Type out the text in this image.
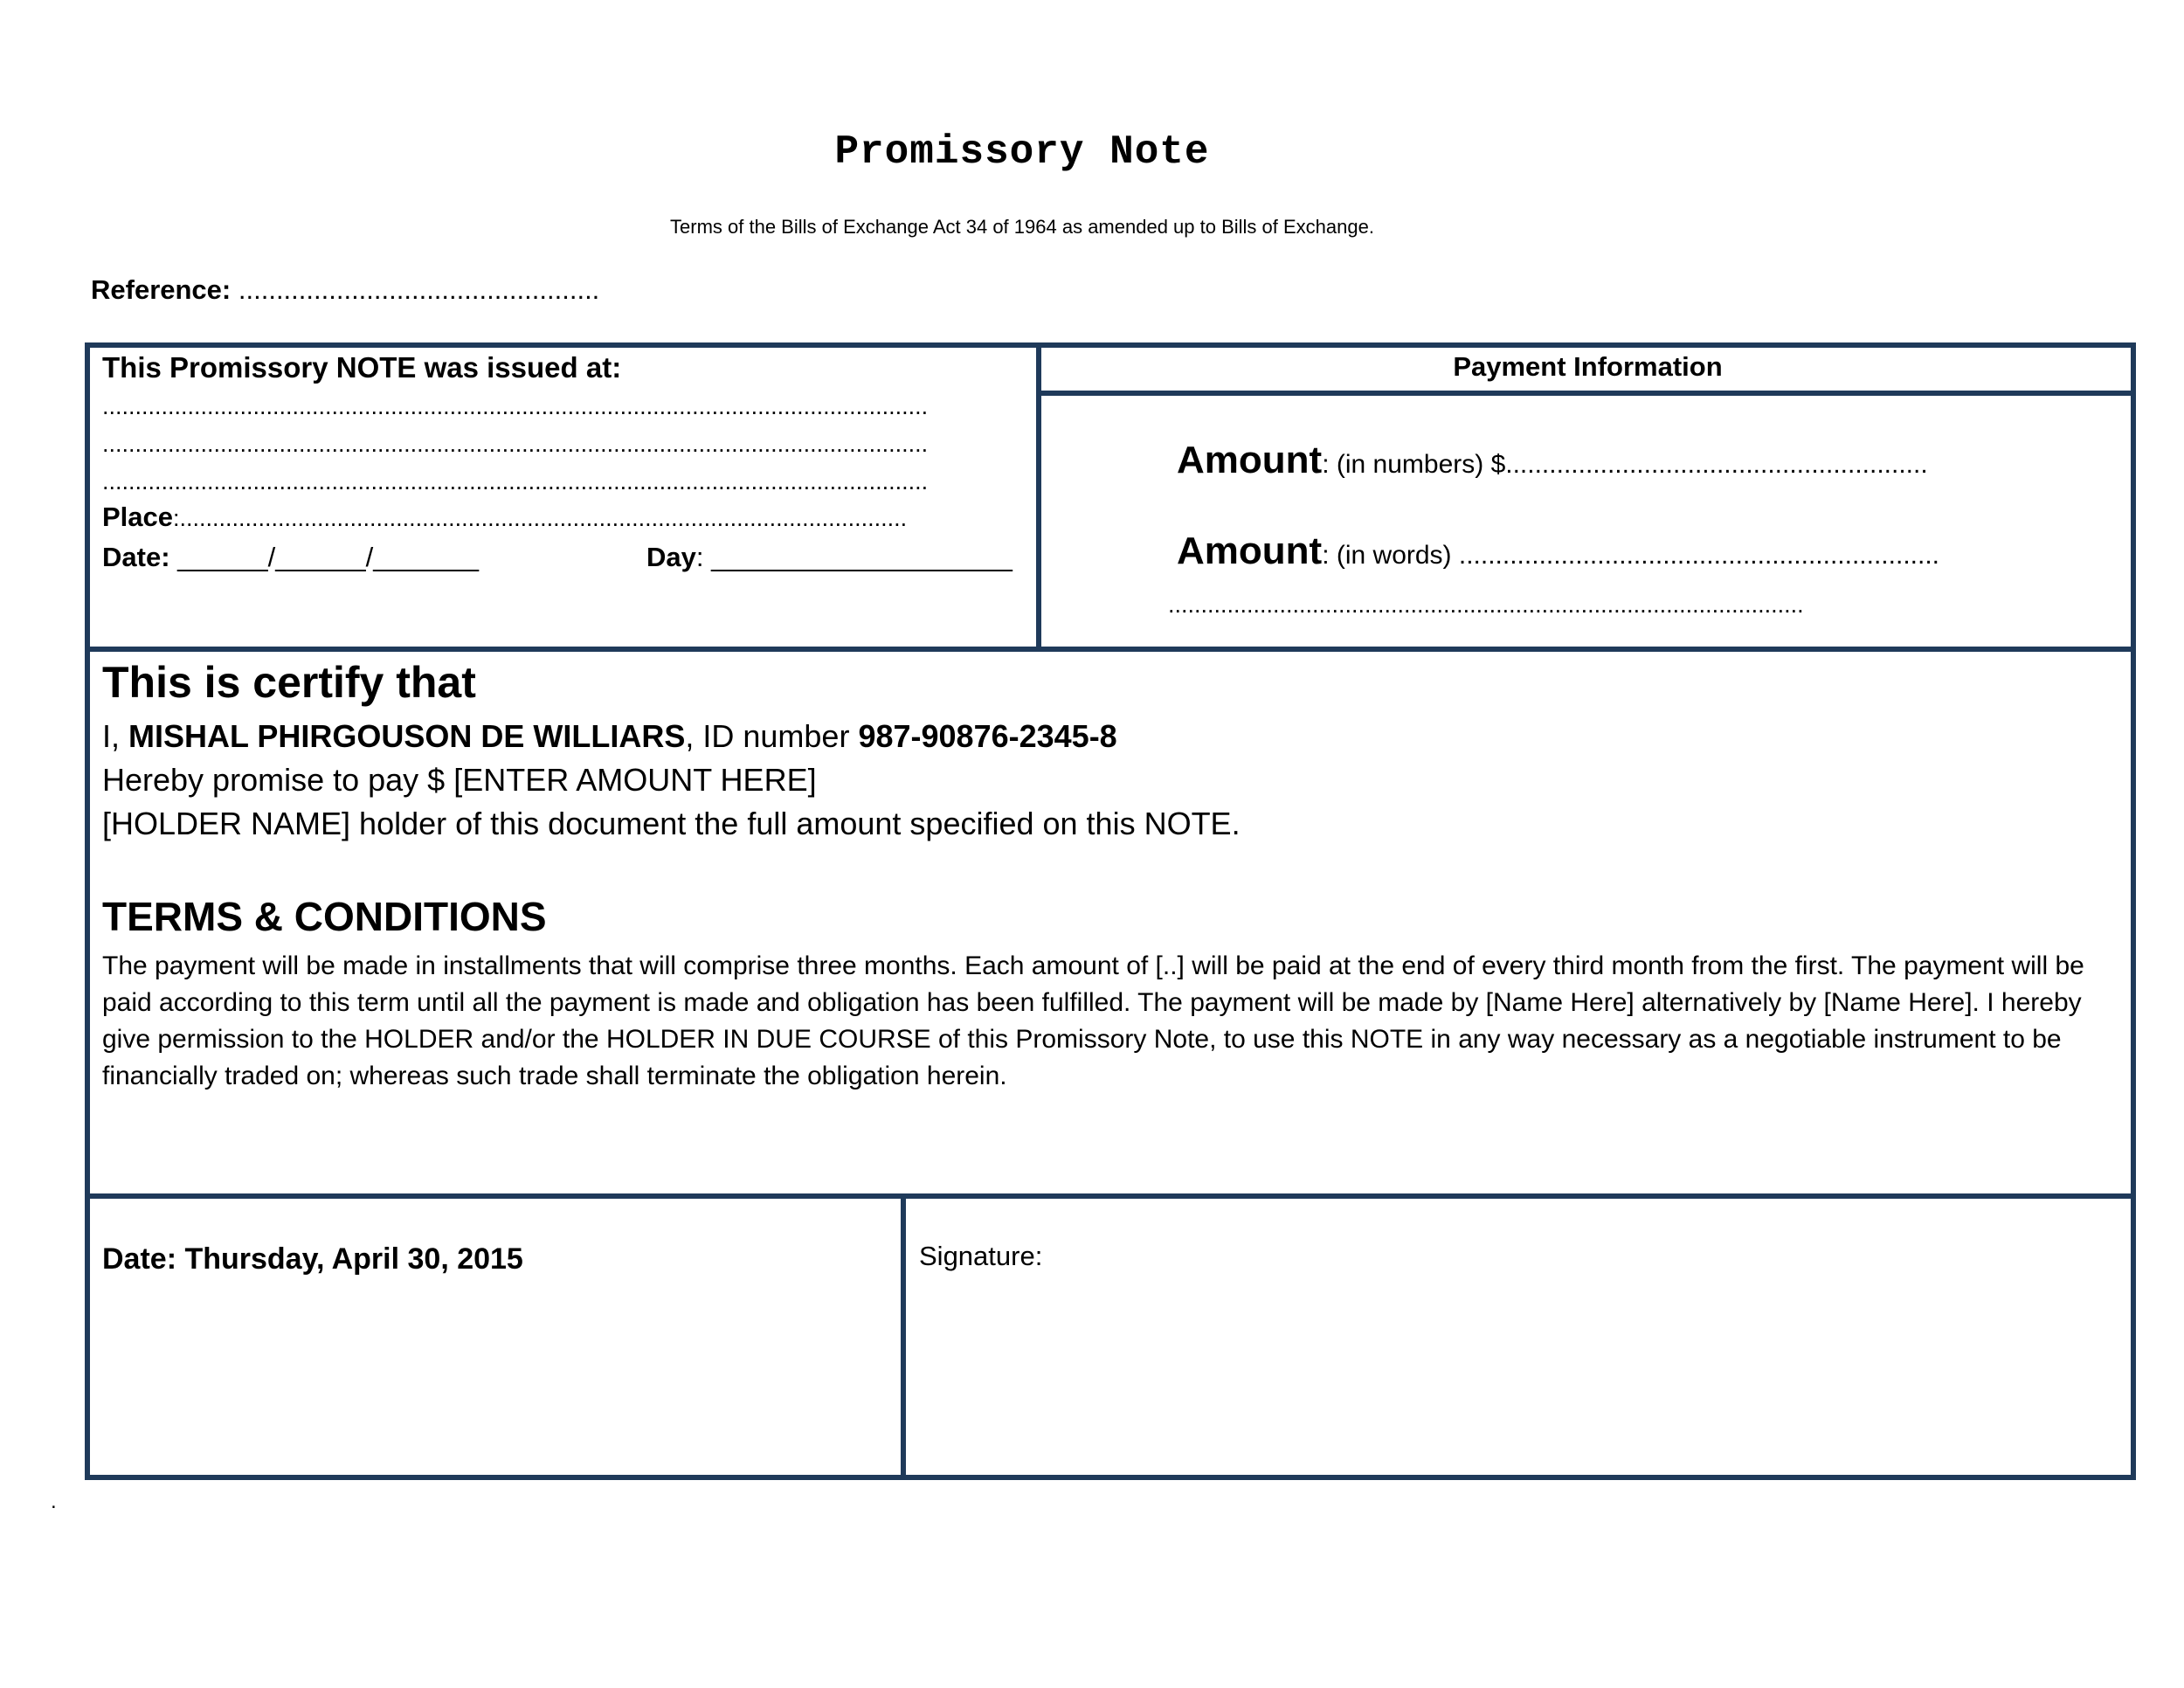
Promissory Note
Terms of the Bills of Exchange Act 34 of 1964 as amended up to Bills of Exchange.
Reference: ................................................
This Promissory NOTE was issued at:
..............................................................................................................................
..............................................................................................................................
..............................................................................................................................
Place:...............................................................................................................
Date: ______/______/_______	Day: ____________________
Payment Information
Amount: (in numbers) $..........................................................
Amount: (in words) ..................................................................
.................................................................................................
This is certify that
I, MISHAL PHIRGOUSON DE WILLIARS, ID number 987-90876-2345-8
Hereby promise to pay $ [ENTER AMOUNT HERE]
[HOLDER NAME] holder of this document the full amount specified on this NOTE.
TERMS & CONDITIONS
The payment will be made in installments that will comprise three months. Each amount of [..] will be paid at the end of every third month from the first. The payment will be paid according to this term until all the payment is made and obligation has been fulfilled. The payment will be made by [Name Here] alternatively by [Name Here]. I hereby give permission to the HOLDER and/or the HOLDER IN DUE COURSE of this Promissory Note, to use this NOTE in any way necessary as a negotiable instrument to be financially traded on; whereas such trade shall terminate the obligation herein.
Date: Thursday, April 30, 2015	Signature:
.
